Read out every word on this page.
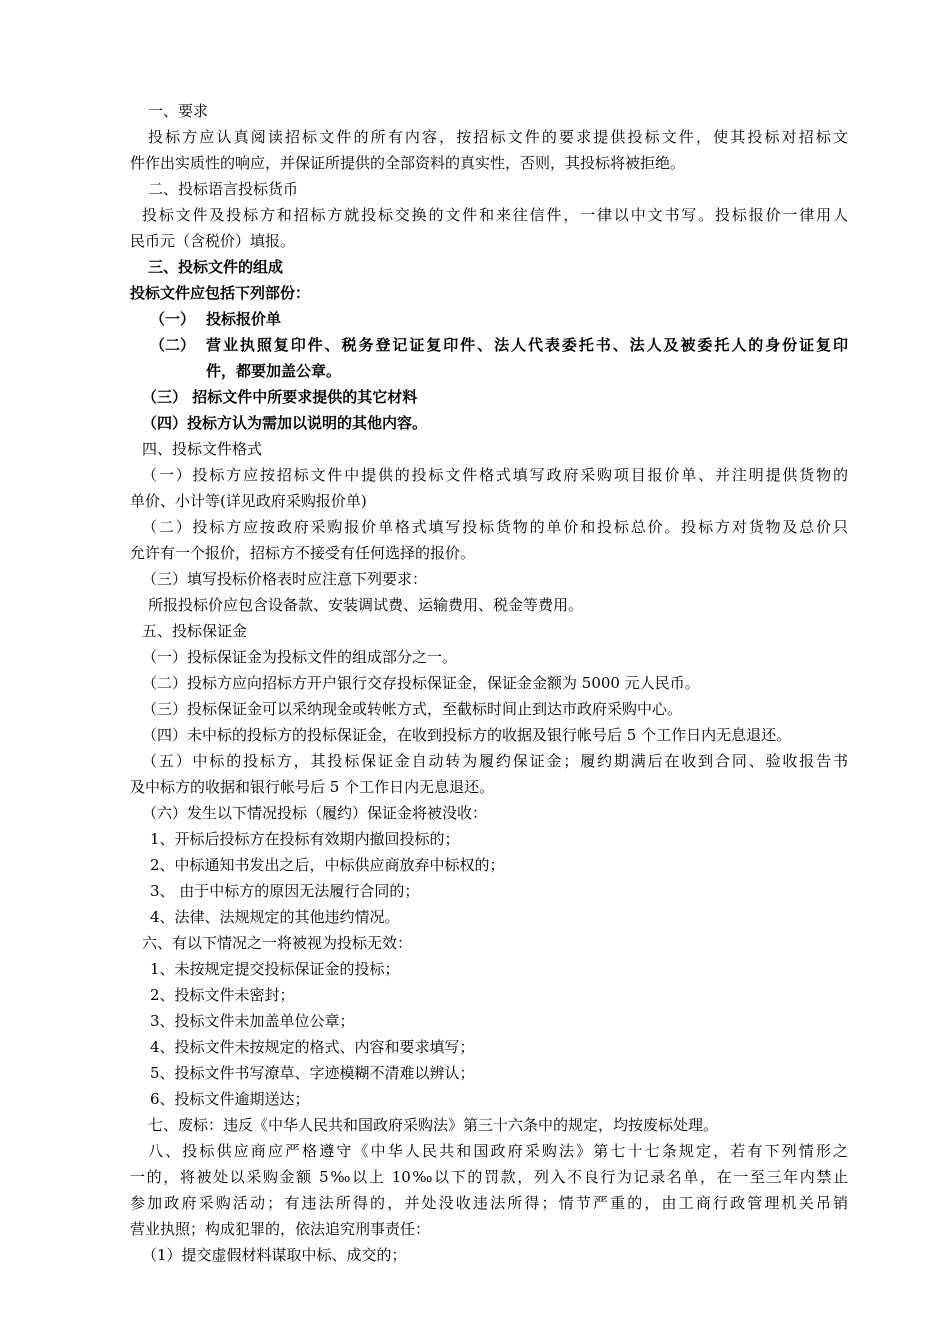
一、要求
投标方应认真阅读招标文件的所有内容，按招标文件的要求提供投标文件，使其投标对招标文
件作出实质性的响应，并保证所提供的全部资料的真实性，否则，其投标将被拒绝。
二、投标语言投标货币
投标文件及投标方和招标方就投标交换的文件和来往信件，一律以中文书写。投标报价一律用人
民币元（含税价）填报。
三、投标文件的组成
投标文件应包括下列部份：
（一） 投标报价单
（二） 营业执照复印件、税务登记证复印件、法人代表委托书、法人及被委托人的身份证复印
件，都要加盖公章。
（三） 招标文件中所要求提供的其它材料
（四）投标方认为需加以说明的其他内容。
四、投标文件格式
（一）投标方应按招标文件中提供的投标文件格式填写政府采购项目报价单、并注明提供货物的
单价、小计等(详见政府采购报价单)
（二）投标方应按政府采购报价单格式填写投标货物的单价和投标总价。投标方对货物及总价只
允许有一个报价，招标方不接受有任何选择的报价。
（三）填写投标价格表时应注意下列要求：
所报投标价应包含设备款、安装调试费、运输费用、税金等费用。
五、投标保证金
（一）投标保证金为投标文件的组成部分之一。
（二）投标方应向招标方开户银行交存投标保证金，保证金金额为 5000 元人民币。
（三）投标保证金可以采纳现金或转帐方式，至截标时间止到达市政府采购中心。
（四）未中标的投标方的投标保证金，在收到投标方的收据及银行帐号后 5 个工作日内无息退还。
（五）中标的投标方，其投标保证金自动转为履约保证金；履约期满后在收到合同、验收报告书
及中标方的收据和银行帐号后 5 个工作日内无息退还。
（六）发生以下情况投标（履约）保证金将被没收：
1、开标后投标方在投标有效期内撤回投标的；
2、中标通知书发出之后，中标供应商放弃中标权的；
3、 由于中标方的原因无法履行合同的；
4、法律、法规规定的其他违约情况。
六、有以下情况之一将被视为投标无效：
1、未按规定提交投标保证金的投标；
2、投标文件未密封；
3、投标文件未加盖单位公章；
4、投标文件未按规定的格式、内容和要求填写；
5、投标文件书写潦草、字迹模糊不清难以辨认；
6、投标文件逾期送达；
七、废标：违反《中华人民共和国政府采购法》第三十六条中的规定，均按废标处理。
八、投标供应商应严格遵守《中华人民共和国政府采购法》第七十七条规定，若有下列情形之
一的，将被处以采购金额 5‰以上 10‰以下的罚款，列入不良行为记录名单，在一至三年内禁止
参加政府采购活动；有违法所得的，并处没收违法所得；情节严重的，由工商行政管理机关吊销
营业执照；构成犯罪的，依法追究刑事责任：
（1）提交虚假材料谋取中标、成交的；
